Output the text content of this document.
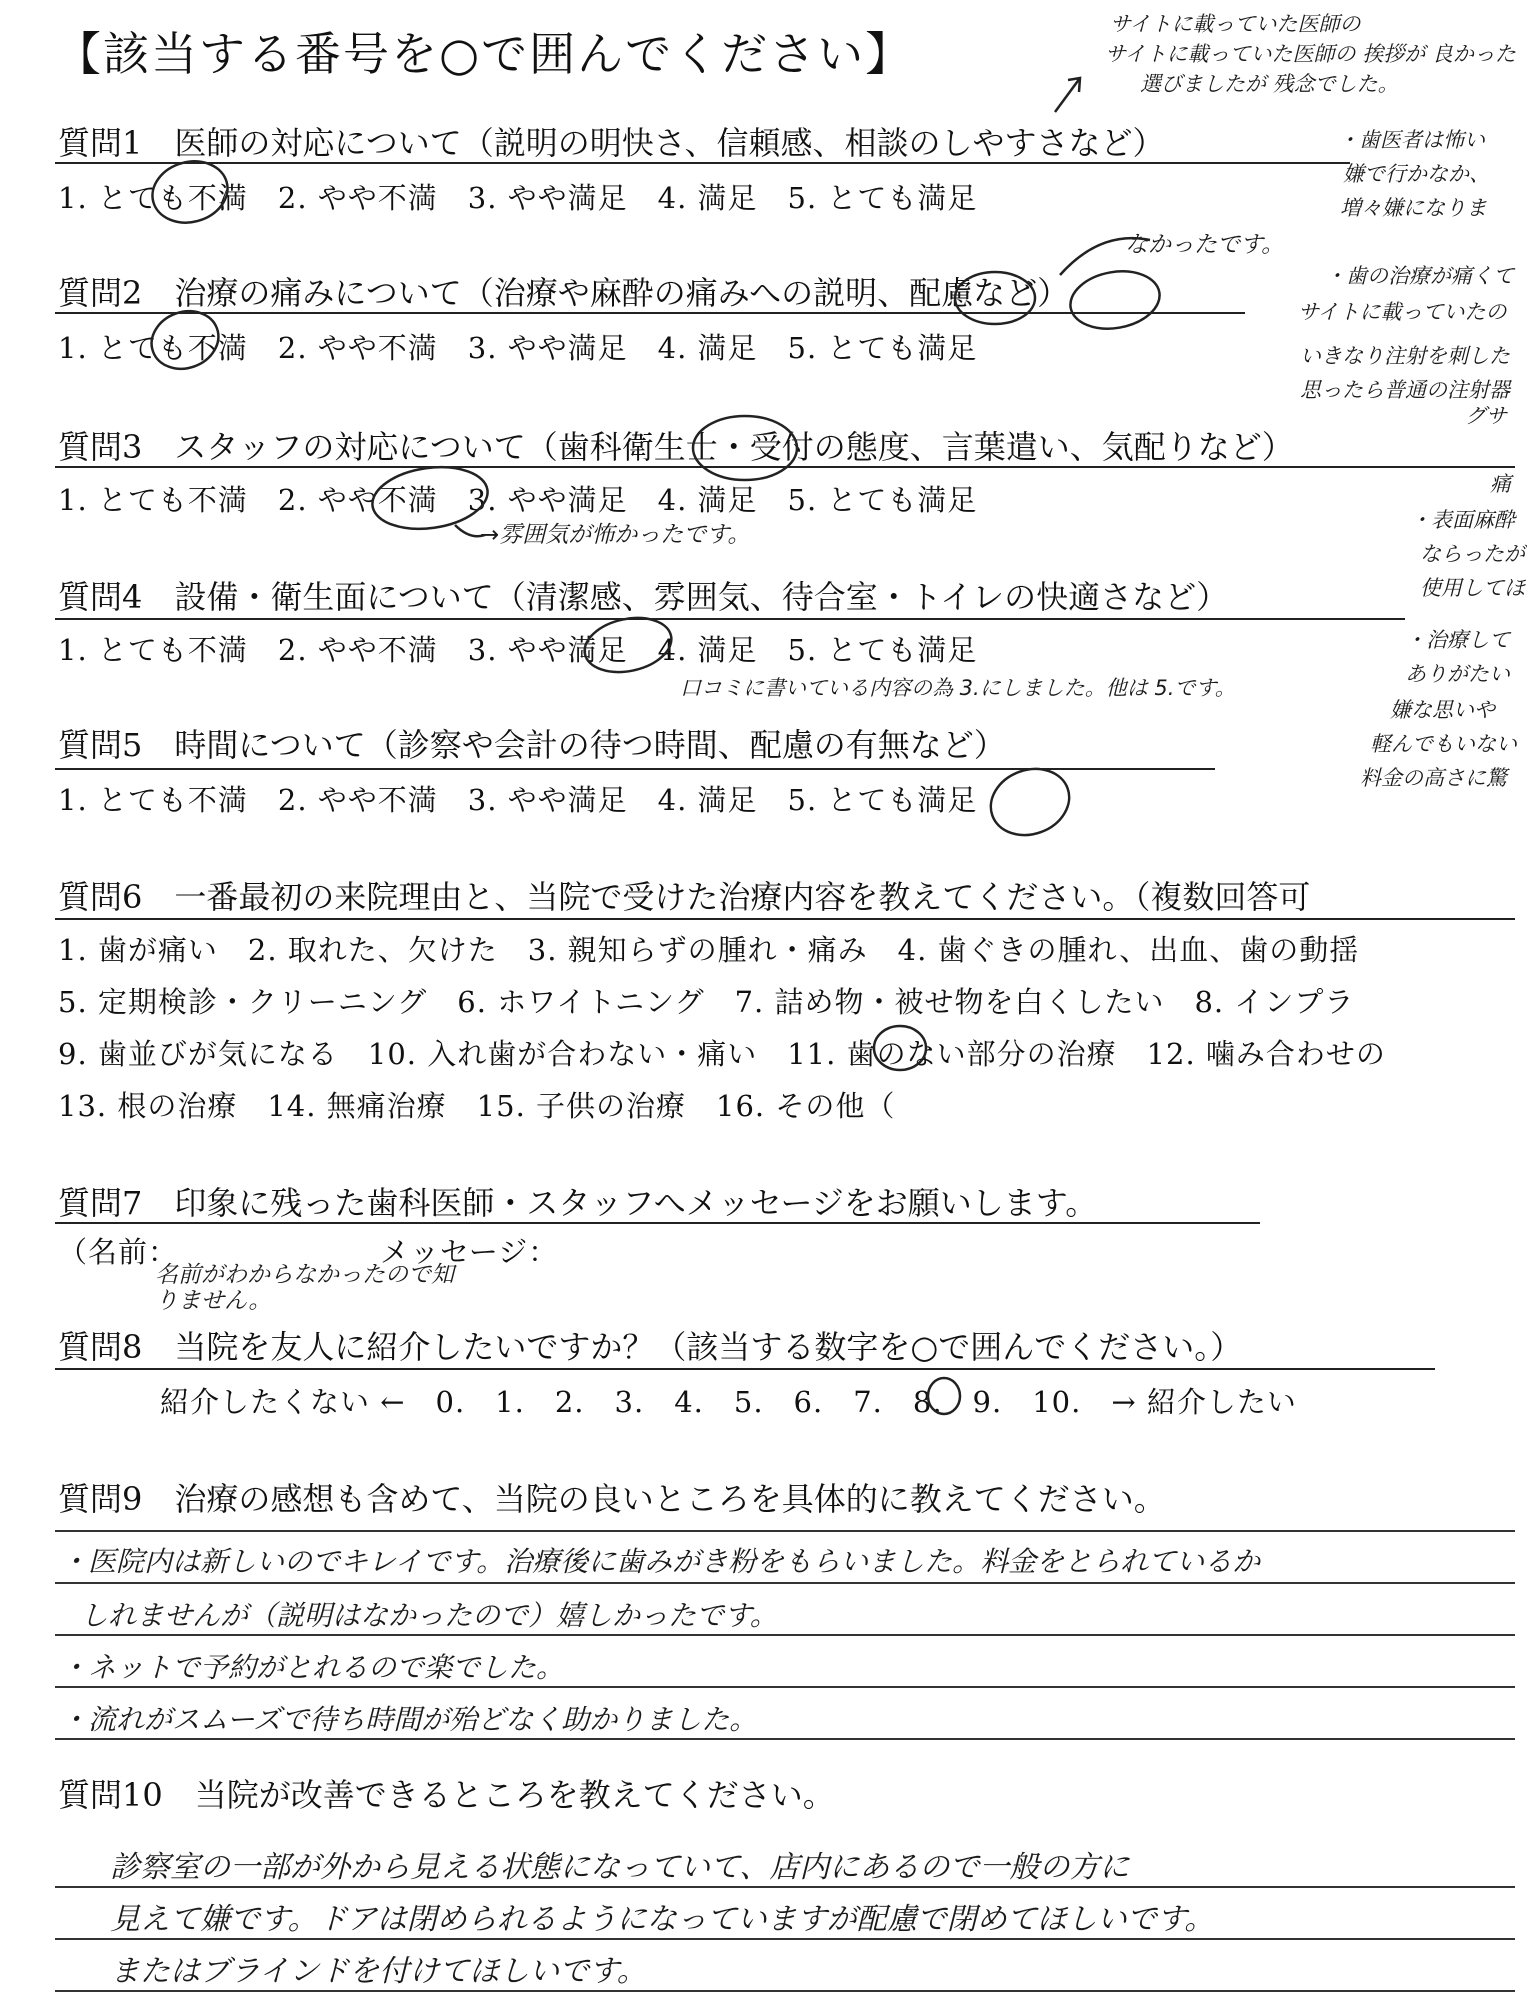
【該当する番号を○で囲んでください】
質問1　医師の対応について（説明の明快さ、信頼感、相談のしやすさなど）
1. とても不満　2. やや不満　3. やや満足　4. 満足　5. とても満足
質問2　治療の痛みについて（治療や麻酔の痛みへの説明、配慮など）
1. とても不満　2. やや不満　3. やや満足　4. 満足　5. とても満足
質問3　スタッフの対応について（歯科衛生士・受付の態度、言葉遣い、気配りなど）
1. とても不満　2. やや不満　3. やや満足　4. 満足　5. とても満足
質問4　設備・衛生面について（清潔感、雰囲気、待合室・トイレの快適さなど）
1. とても不満　2. やや不満　3. やや満足　4. 満足　5. とても満足
質問5　時間について（診察や会計の待つ時間、配慮の有無など）
1. とても不満　2. やや不満　3. やや満足　4. 満足　5. とても満足
質問6　一番最初の来院理由と、当院で受けた治療内容を教えてください。（複数回答可
1. 歯が痛い　2. 取れた、欠けた　3. 親知らずの腫れ・痛み　4. 歯ぐきの腫れ、出血、歯の動揺
5. 定期検診・クリーニング　6. ホワイトニング　7. 詰め物・被せ物を白くしたい　8. インプラ
9. 歯並びが気になる　10. 入れ歯が合わない・痛い　11. 歯のない部分の治療　12. 噛み合わせの
13. 根の治療　14. 無痛治療　15. 子供の治療　16. その他（
質問7　印象に残った歯科医師・スタッフへメッセージをお願いします。
（名前：	メッセージ：
名前がわからなかったので知りません。
質問8　当院を友人に紹介したいですか？（該当する数字を○で囲んでください。）
紹介したくない ←　0.　1.　2.　3.　4.　5.　6.　7.　8.　9.　10.　→ 紹介したい
質問9　治療の感想も含めて、当院の良いところを具体的に教えてください。
・医院内は新しいのでキレイです。治療後に歯みがき粉をもらいました。料金をとられているか
しれませんが（説明はなかったので）嬉しかったです。
・ネットで予約がとれるので楽でした。
・流れがスムーズで待ち時間が殆どなく助かりました。
質問10　当院が改善できるところを教えてください。
診察室の一部が外から見える状態になっていて、店内にあるので一般の方に
見えて嫌です。ドアは閉められるようになっていますが配慮で閉めてほしいです。
またはブラインドを付けてほしいです。
サイトに載っていた医師の
サイトに載っていた医師の 挨拶が 良かった
選びましたが 残念でした。
なかったです。
→雰囲気が怖かったです。
口コミに書いている内容の為 3.にしました。他は 5.です。
・歯医者は怖い
嫌で行かなか、
増々嫌になりま
・歯の治療が痛くて
サイトに載っていたの
いきなり注射を刺した
思ったら普通の注射器
グサ
痛
・表面麻酔
ならったが
使用してほ
・治療して
ありがたい
嫌な思いや
軽んでもいない
料金の高さに驚
